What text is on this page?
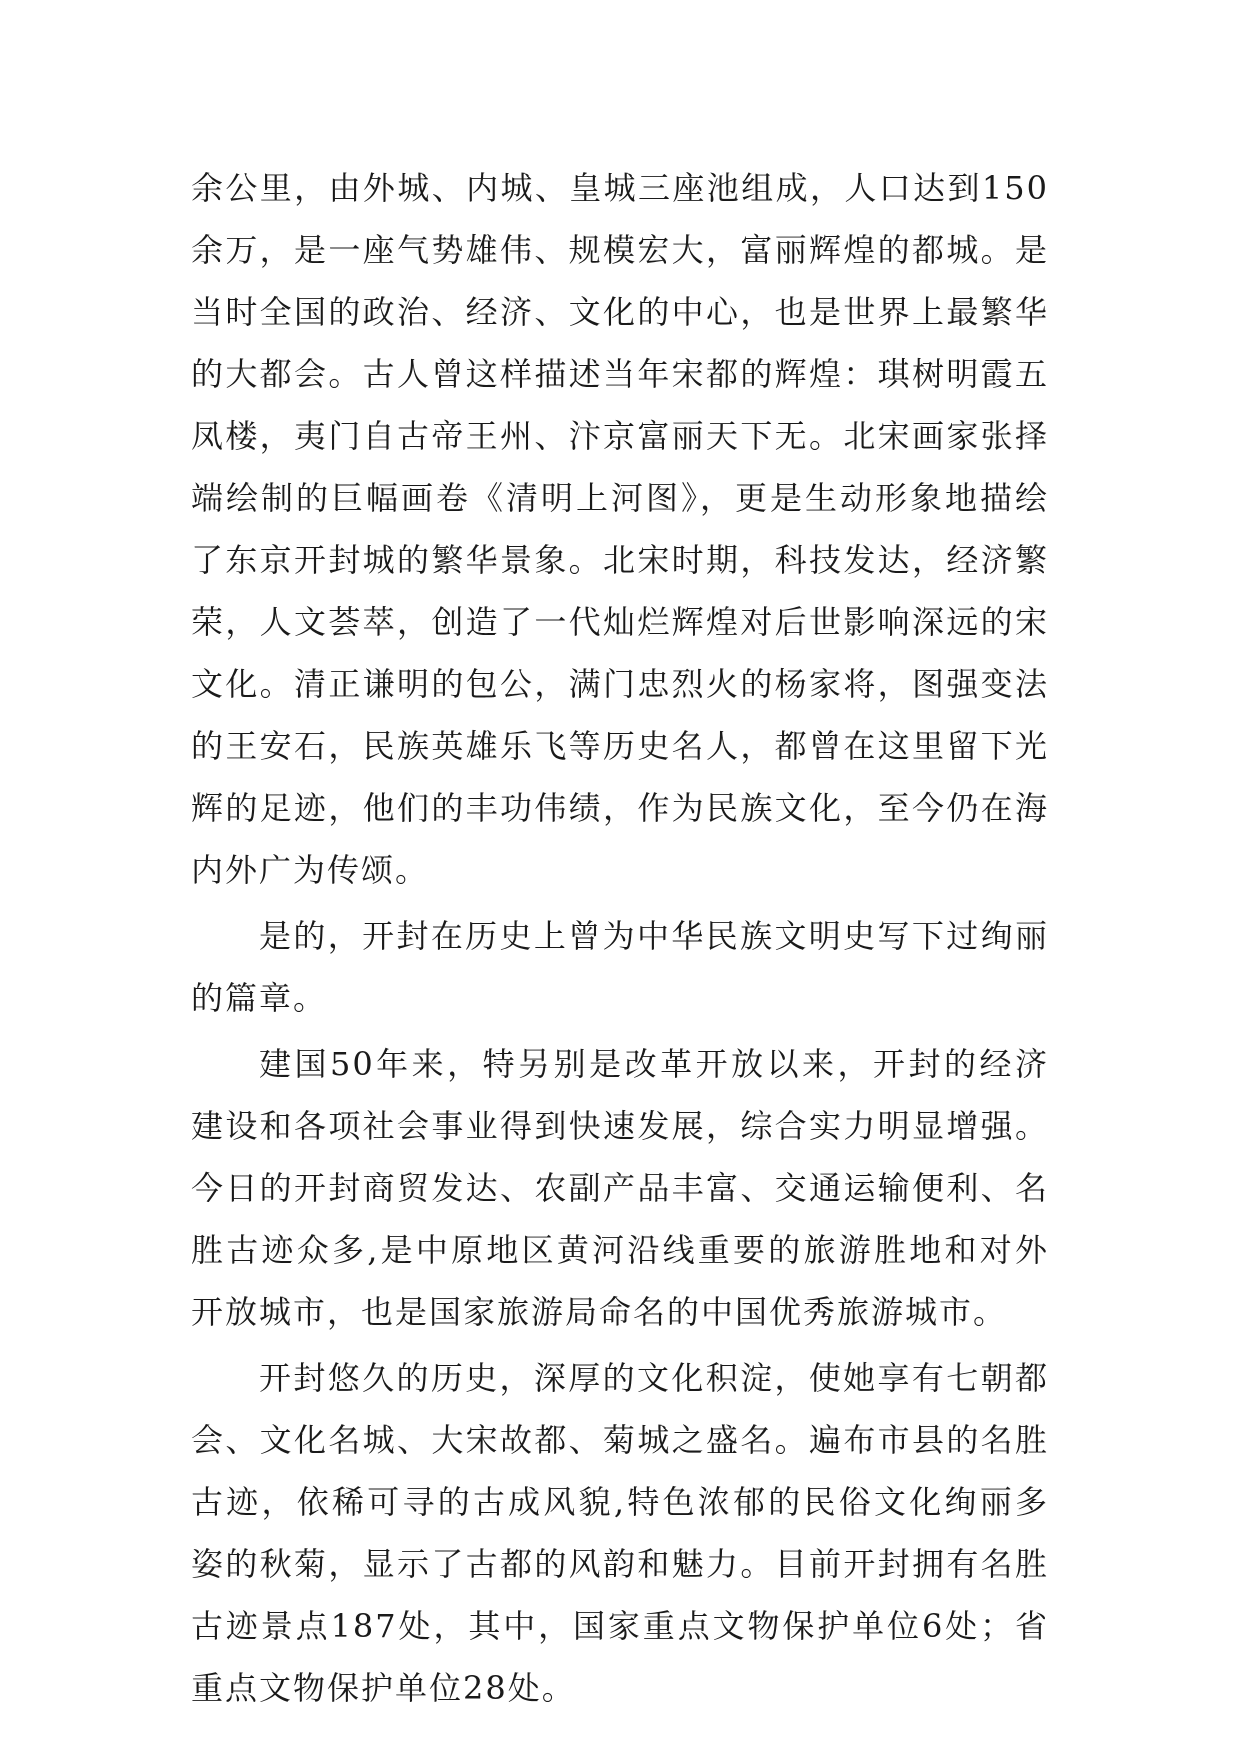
余公里，由外城、内城、皇城三座池组成，人口达到150余万，是一座气势雄伟、规模宏大，富丽辉煌的都城。是当时全国的政治、经济、文化的中心，也是世界上最繁华的大都会。古人曾这样描述当年宋都的辉煌：琪树明霞五凤楼，夷门自古帝王州、汴京富丽天下无。北宋画家张择端绘制的巨幅画卷《清明上河图》，更是生动形象地描绘了东京开封城的繁华景象。北宋时期，科技发达，经济繁荣，人文荟萃，创造了一代灿烂辉煌对后世影响深远的宋文化。清正谦明的包公，满门忠烈火的杨家将，图强变法的王安石，民族英雄乐飞等历史名人，都曾在这里留下光辉的足迹，他们的丰功伟绩，作为民族文化，至今仍在海内外广为传颂。

是的，开封在历史上曾为中华民族文明史写下过绚丽的篇章。

建国50年来，特另别是改革开放以来，开封的经济建设和各项社会事业得到快速发展，综合实力明显增强。今日的开封商贸发达、农副产品丰富、交通运输便利、名胜古迹众多,是中原地区黄河沿线重要的旅游胜地和对外开放城市，也是国家旅游局命名的中国优秀旅游城市。

开封悠久的历史，深厚的文化积淀，使她享有七朝都会、文化名城、大宋故都、菊城之盛名。遍布市县的名胜古迹，依稀可寻的古成风貌,特色浓郁的民俗文化绚丽多姿的秋菊，显示了古都的风韵和魅力。目前开封拥有名胜古迹景点187处，其中，国家重点文物保护单位6处；省重点文物保护单位28处。
